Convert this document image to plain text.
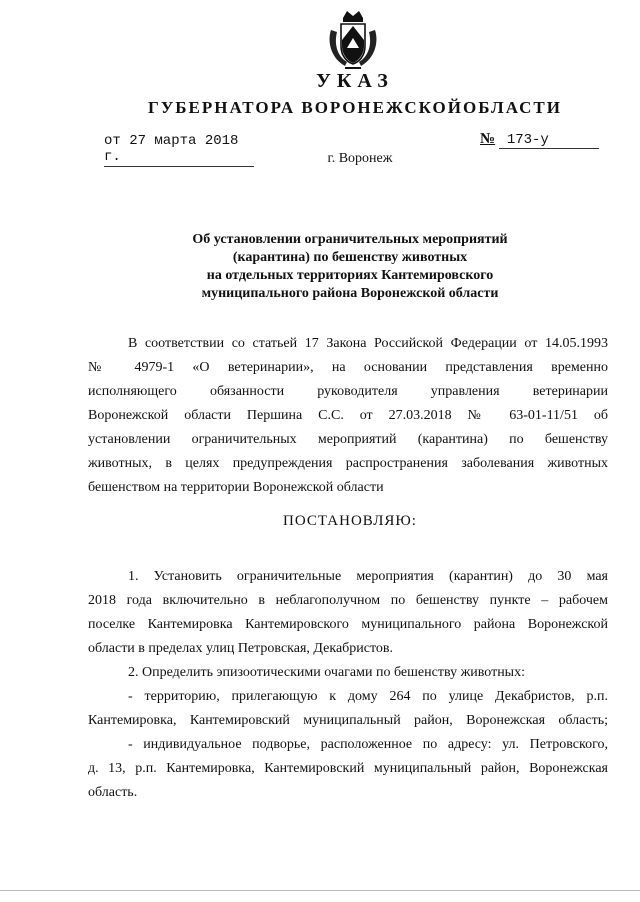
УКАЗ
ГУБЕРНАТОРА ВОРОНЕЖСКОЙОБЛАСТИ
от 27 марта 2018 г.
№ 173-у
г. Воронеж
Об установлении ограничительных мероприятий
(карантина) по бешенству животных
на отдельных территориях Кантемировского
муниципального района Воронежской области
В соответствии со статьей 17 Закона Российской Федерации от 14.05.1993
№ 4979-1 «О ветеринарии», на основании представления временно
исполняющего обязанности руководителя управления ветеринарии
Воронежской области Першина С.С. от 27.03.2018 № 63-01-11/51 об
установлении ограничительных мероприятий (карантина) по бешенству
животных, в целях предупреждения распространения заболевания животных
бешенством на территории Воронежской области
ПОСТАНОВЛЯЮ:
1. Установить ограничительные мероприятия (карантин) до 30 мая
2018 года включительно в неблагополучном по бешенству пункте – рабочем
поселке Кантемировка Кантемировского муниципального района Воронежской
области в пределах улиц Петровская, Декабристов.
2. Определить эпизоотическими очагами по бешенству животных:
- территорию, прилегающую к дому 264 по улице Декабристов, р.п.
Кантемировка, Кантемировский муниципальный район, Воронежская область;
- индивидуальное подворье, расположенное по адресу: ул. Петровского,
д. 13, р.п. Кантемировка, Кантемировский муниципальный район, Воронежская
область.
